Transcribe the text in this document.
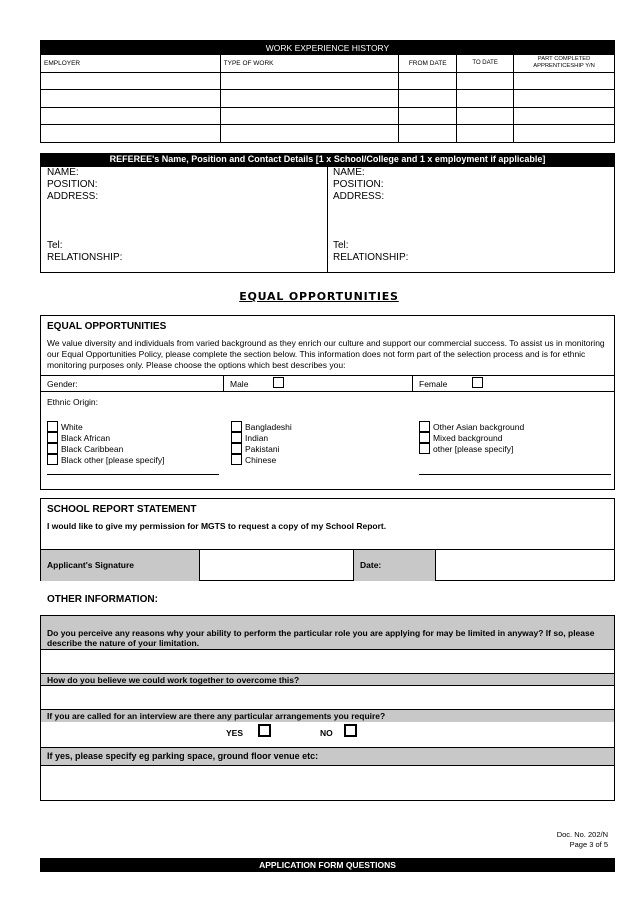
WORK EXPERIENCE HISTORY
EMPLOYER	TYPE OF WORK	FROM DATE	TO DATE	PART COMPLETED APPRENTICESHIP Y/N

REFEREE's Name, Position and Contact Details [1 x School/College and 1 x employment if applicable]
NAME:
POSITION:
ADDRESS:
Tel:
RELATIONSHIP:
NAME:
POSITION:
ADDRESS:
Tel:
RELATIONSHIP:
EQUAL OPPORTUNITIES
EQUAL OPPORTUNITIES
We value diversity and individuals from varied background as they enrich our culture and support our commercial success. To assist us in monitoring our Equal Opportunities Policy, please complete the section below. This information does not form part of the selection process and is for ethnic monitoring purposes only. Please choose the options which best describes you:
Gender:	Male	Female
Ethnic Origin:
White
Black African
Black Caribbean
Black other [please specify]
Bangladeshi
Indian
Pakistani
Chinese
Other Asian background
Mixed background
other [please specify]
SCHOOL REPORT STATEMENT
I would like to give my permission for MGTS to request a copy of my School Report.
Applicant's Signature	Date:
OTHER INFORMATION:
Do you perceive any reasons why your ability to perform the particular role you are applying for may be limited in anyway? If so, please describe the nature of your limitation.
How do you believe we could work together to overcome this?
If you are called for an interview are there any particular arrangements you require?
YES	NO
If yes, please specify eg parking space, ground floor venue etc:
Doc. No. 202/N
Page 3 of 5
APPLICATION FORM QUESTIONS
